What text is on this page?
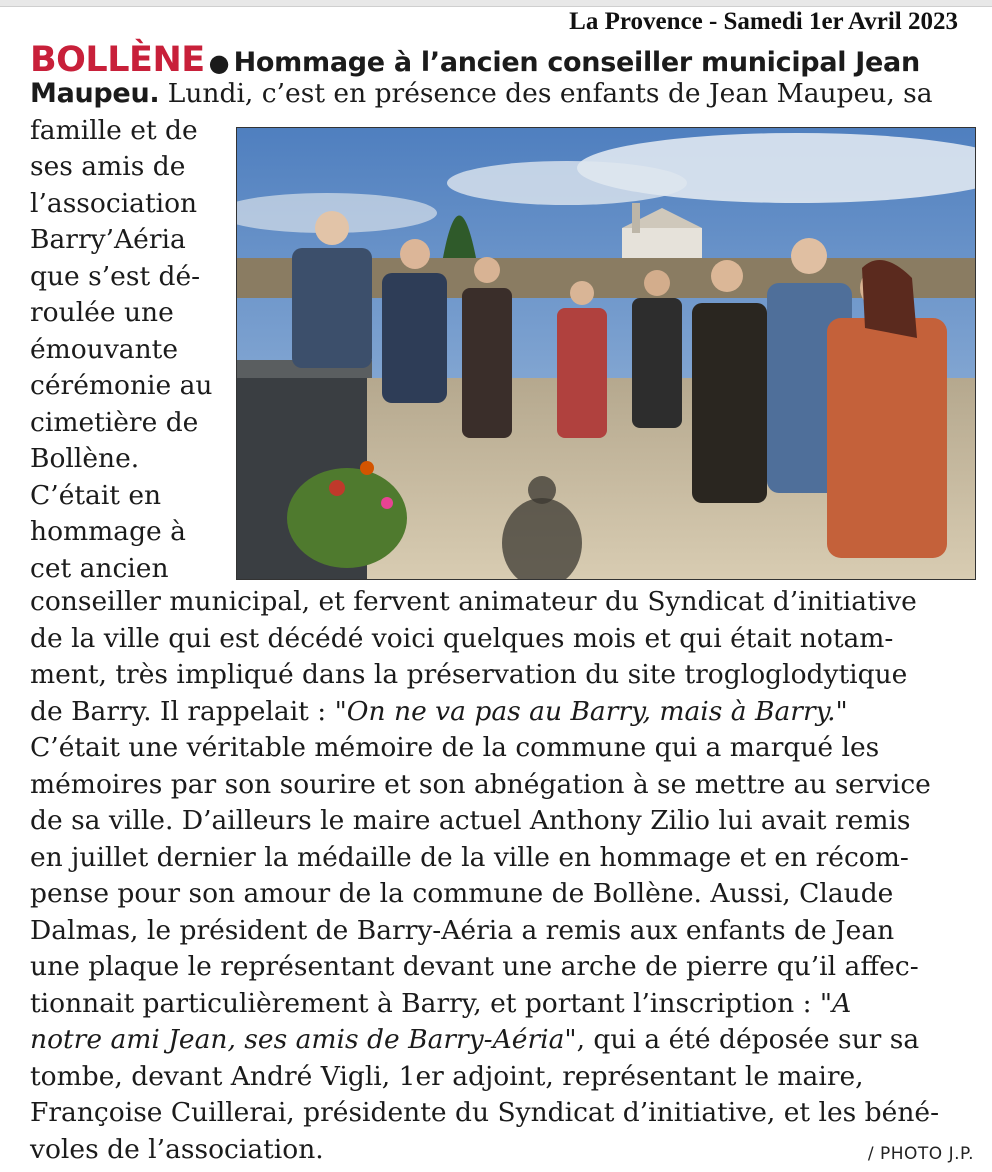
La Provence - Samedi 1er Avril 2023
BOLLÈNE ● Hommage à l’ancien conseiller municipal Jean
Maupeu. Lundi, c’est en présence des enfants de Jean Maupeu, sa
famille et de
ses amis de
l’association
Barry’Aéria
que s’est dé-
roulée une
émouvante
cérémonie au
cimetière de
Bollène.
C’était en
hommage à
cet ancien
conseiller municipal, et fervent animateur du Syndicat d’initiative
de la ville qui est décédé voici quelques mois et qui était notam-
ment, très impliqué dans la préservation du site trogloglodytique
de Barry. Il rappelait : "On ne va pas au Barry, mais à Barry."
C’était une véritable mémoire de la commune qui a marqué les
mémoires par son sourire et son abnégation à se mettre au service
de sa ville. D’ailleurs le maire actuel Anthony Zilio lui avait remis
en juillet dernier la médaille de la ville en hommage et en récom-
pense pour son amour de la commune de Bollène. Aussi, Claude
Dalmas, le président de Barry-Aéria a remis aux enfants de Jean
une plaque le représentant devant une arche de pierre qu’il affec-
tionnait particulièrement à Barry, et portant l’inscription : "A
notre ami Jean, ses amis de Barry-Aéria", qui a été déposée sur sa
tombe, devant André Vigli, 1er adjoint, représentant le maire,
Françoise Cuillerai, présidente du Syndicat d’initiative, et les béné-
voles de l’association.	/ PHOTO J.P.
